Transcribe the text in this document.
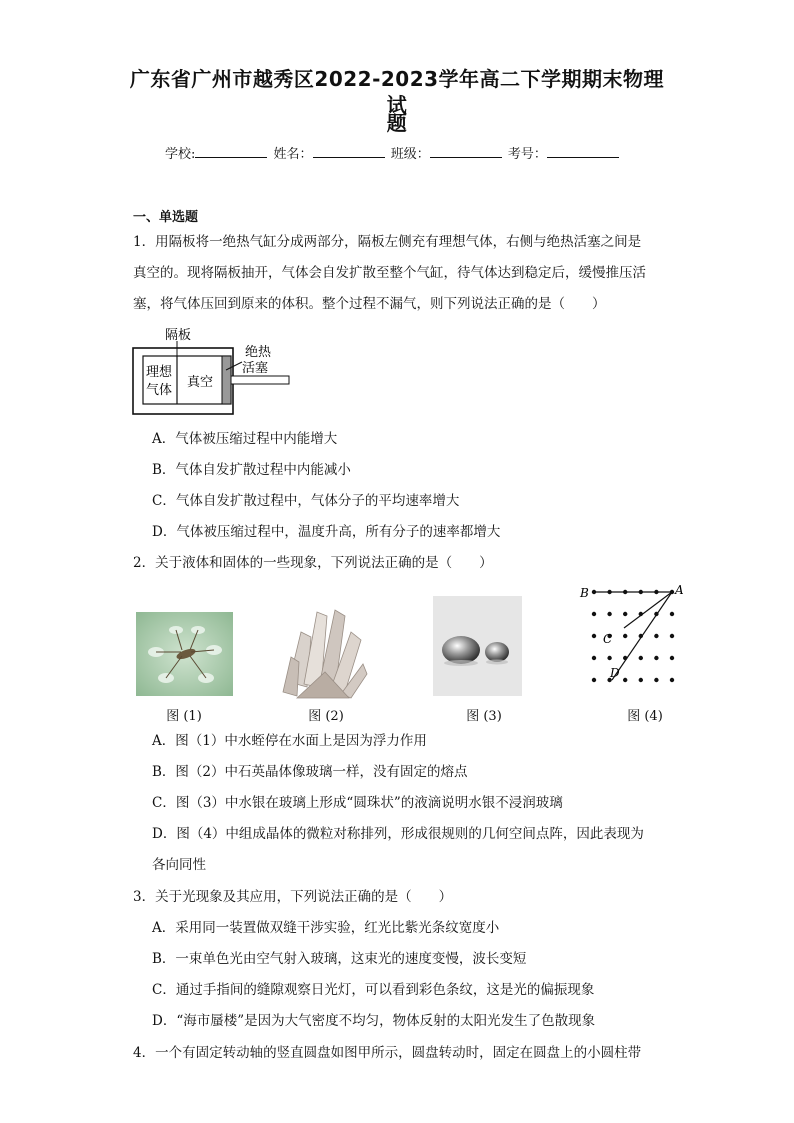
广东省广州市越秀区2022-2023学年高二下学期期末物理试
题
学校:	姓名：	班级：	考号：
一、单选题
1．用隔板将一绝热气缸分成两部分，隔板左侧充有理想气体，右侧与绝热活塞之间是
真空的。现将隔板抽开，气体会自发扩散至整个气缸，待气体达到稳定后，缓慢推压活
塞，将气体压回到原来的体积。整个过程不漏气，则下列说法正确的是（　　）
隔板
理想
气体
真空
绝热
活塞
A．气体被压缩过程中内能增大
B．气体自发扩散过程中内能减小
C．气体自发扩散过程中，气体分子的平均速率增大
D．气体被压缩过程中，温度升高，所有分子的速率都增大
2．关于液体和固体的一些现象，下列说法正确的是（　　）
B	A
C
D
图 (1)	图 (2)	图 (3)	图 (4)
A．图（1）中水蛭停在水面上是因为浮力作用
B．图（2）中石英晶体像玻璃一样，没有固定的熔点
C．图（3）中水银在玻璃上形成“圆珠状”的液滴说明水银不浸润玻璃
D．图（4）中组成晶体的微粒对称排列，形成很规则的几何空间点阵，因此表现为
各向同性
3．关于光现象及其应用，下列说法正确的是（　　）
A．采用同一装置做双缝干涉实验，红光比紫光条纹宽度小
B．一束单色光由空气射入玻璃，这束光的速度变慢，波长变短
C．通过手指间的缝隙观察日光灯，可以看到彩色条纹，这是光的偏振现象
D．“海市蜃楼”是因为大气密度不均匀，物体反射的太阳光发生了色散现象
4．一个有固定转动轴的竖直圆盘如图甲所示，圆盘转动时，固定在圆盘上的小圆柱带
